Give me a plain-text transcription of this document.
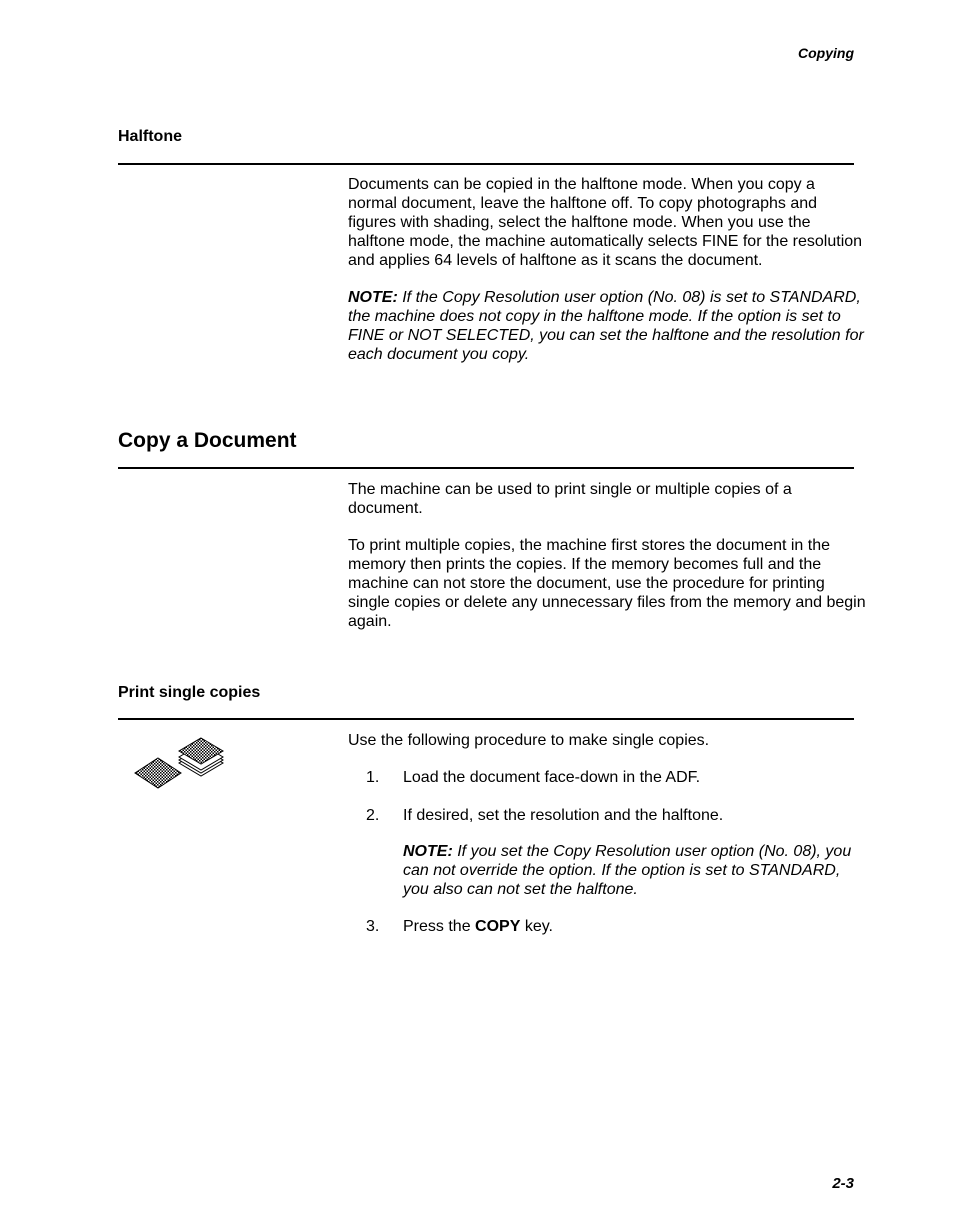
Copying
Halftone

Documents can be copied in the halftone mode. When you copy a normal document, leave the halftone off. To copy photographs and figures with shading, select the halftone mode. When you use the halftone mode, the machine automatically selects FINE for the resolution and applies 64 levels of halftone as it scans the document.

NOTE: If the Copy Resolution user option (No. 08) is set to STANDARD, the machine does not copy in the halftone mode. If the option is set to FINE or NOT SELECTED, you can set the halftone and the resolution for each document you copy.

Copy a Document

The machine can be used to print single or multiple copies of a document.

To print multiple copies, the machine first stores the document in the memory then prints the copies. If the memory becomes full and the machine can not store the document, use the procedure for printing single copies or delete any unnecessary files from the memory and begin again.

Print single copies
Use the following procedure to make single copies.
1. Load the document face-down in the ADF.
2. If desired, set the resolution and the halftone.

NOTE: If you set the Copy Resolution user option (No. 08), you can not override the option. If the option is set to STANDARD, you also can not set the halftone.

3. Press the COPY key.
2-3
